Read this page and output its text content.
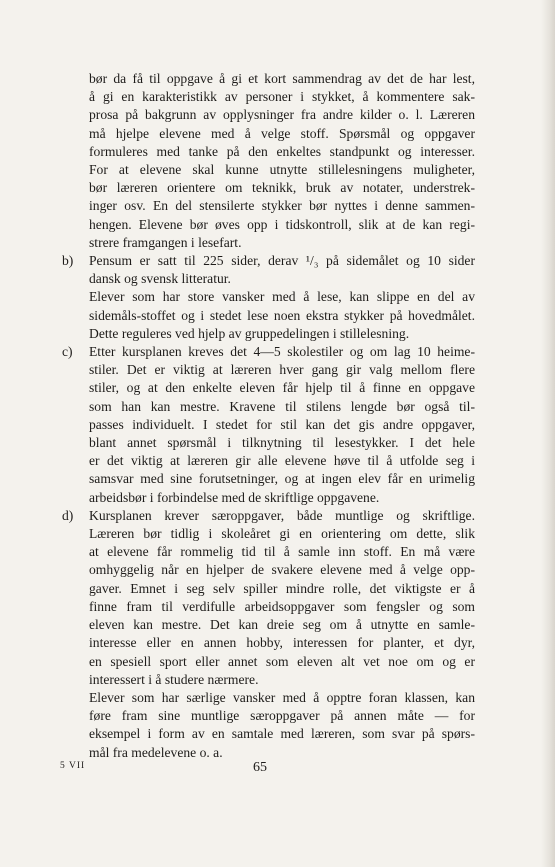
bør da få til oppgave å gi et kort sammendrag av det de har lest,
å gi en karakteristikk av personer i stykket, å kommentere sak-
prosa på bakgrunn av opplysninger fra andre kilder o. l. Læreren
må hjelpe elevene med å velge stoff. Spørsmål og oppgaver
formuleres med tanke på den enkeltes standpunkt og interesser.
For at elevene skal kunne utnytte stillelesningens muligheter,
bør læreren orientere om teknikk, bruk av notater, understrek-
inger osv. En del stensilerte stykker bør nyttes i denne sammen-
hengen. Elevene bør øves opp i tidskontroll, slik at de kan regi-
strere framgangen i lesefart.

b) Pensum er satt til 225 sider, derav ¹/₃ på sidemålet og 10 sider
dansk og svensk litteratur.

Elever som har store vansker med å lese, kan slippe en del av
sidemåls-stoffet og i stedet lese noen ekstra stykker på hovedmålet.
Dette reguleres ved hjelp av gruppedelingen i stillelesning.

c) Etter kursplanen kreves det 4—5 skolestiler og om lag 10 heime-
stiler. Det er viktig at læreren hver gang gir valg mellom flere
stiler, og at den enkelte eleven får hjelp til å finne en oppgave
som han kan mestre. Kravene til stilens lengde bør også til-
passes individuelt. I stedet for stil kan det gis andre oppgaver,
blant annet spørsmål i tilknytning til lesestykker. I det hele
er det viktig at læreren gir alle elevene høve til å utfolde seg i
samsvar med sine forutsetninger, og at ingen elev får en urimelig
arbeidsbør i forbindelse med de skriftlige oppgavene.

d) Kursplanen krever særoppgaver, både muntlige og skriftlige.
Læreren bør tidlig i skoleåret gi en orientering om dette, slik
at elevene får rommelig tid til å samle inn stoff. En må være
omhyggelig når en hjelper de svakere elevene med å velge opp-
gaver. Emnet i seg selv spiller mindre rolle, det viktigste er å
finne fram til verdifulle arbeidsoppgaver som fengsler og som
eleven kan mestre. Det kan dreie seg om å utnytte en samle-
interesse eller en annen hobby, interessen for planter, et dyr,
en spesiell sport eller annet som eleven alt vet noe om og er
interessert i å studere nærmere.

Elever som har særlige vansker med å opptre foran klassen, kan
føre fram sine muntlige særoppgaver på annen måte — for
eksempel i form av en samtale med læreren, som svar på spørs-
mål fra medelevene o. a.

5 VII	65
